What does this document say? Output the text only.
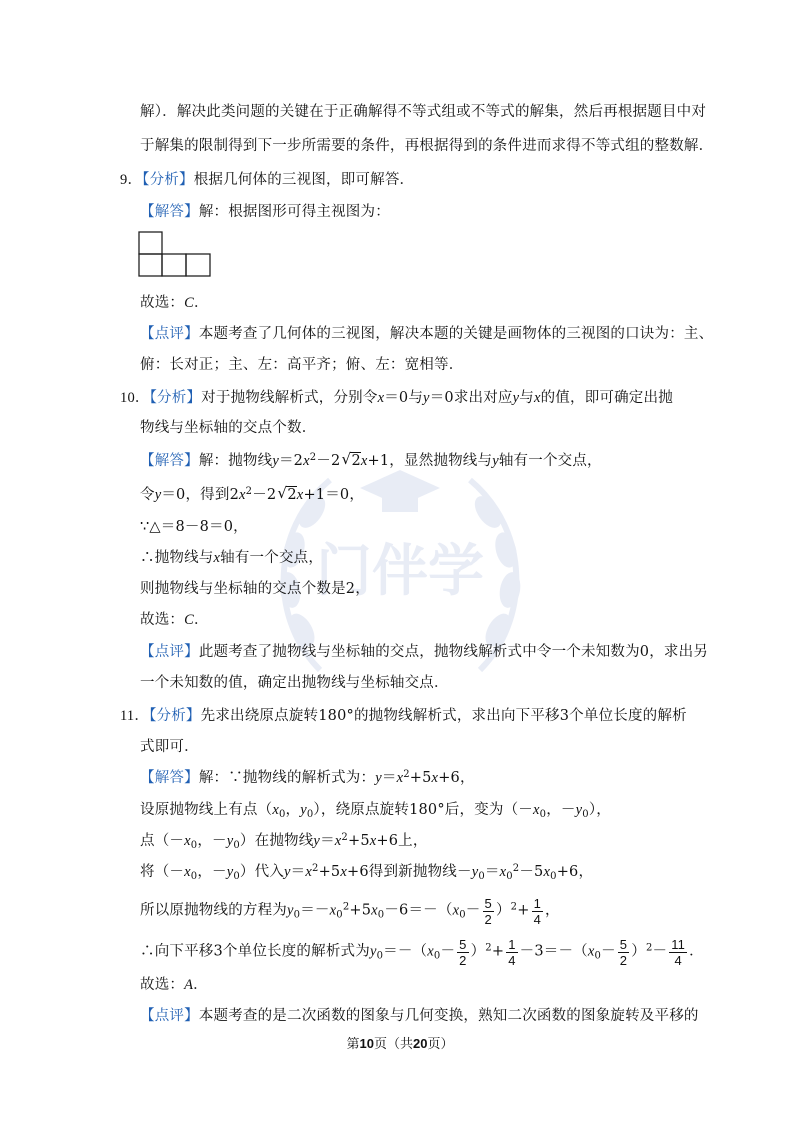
门伴学
解）．解决此类问题的关键在于正确解得不等式组或不等式的解集，然后再根据题目中对
于解集的限制得到下一步所需要的条件，再根据得到的条件进而求得不等式组的整数解．
9．【分析】根据几何体的三视图，即可解答．
【解答】解：根据图形可得主视图为：
故选：C．
【点评】本题考查了几何体的三视图，解决本题的关键是画物体的三视图的口诀为：主、
俯：长对正；主、左：高平齐；俯、左：宽相等．
10．【分析】对于抛物线解析式，分别令x＝0与y＝0求出对应y与x的值，即可确定出抛
物线与坐标轴的交点个数．
【解答】解：抛物线$y=2x^2-2√$ 2x+1，显然抛物线与y轴有一个交点，
令y＝0，得到$2x^2-2√$ 2x+1＝0，
∵△＝8－8＝0，
∴抛物线与x轴有一个交点，
则抛物线与坐标轴的交点个数是2，
故选：C．
【点评】此题考查了抛物线与坐标轴的交点，抛物线解析式中令一个未知数为0，求出另
一个未知数的值，确定出抛物线与坐标轴交点．
11．【分析】先求出绕原点旋转180°的抛物线解析式，求出向下平移3个单位长度的解析
式即可．
【解答】解：∵抛物线的解析式为：$y=x^2+5x+6$，
设原抛物线上有点（$x_0$，$y_0$），绕原点旋转180°后，变为（$-x_0$，$-y_0$），
点（$-x_0$，$-y_0$）在抛物线$y=x^2+5x+6$上，
将（$-x_0$，$-y_0$）代入$y=x^2+5x+6$得到新抛物线$-y_0=x_0^2-5x_0+6$，
所以原抛物线的方程为$y_0=-x_0^2+5x_0-6=-(x_0- \frac{5}{2} )^2+ \frac{1}{4}$ ，
∴向下平移3个单位长度的解析式为$y_0=-(x_0- \frac{5}{2} )^2+ \frac{1}{4} -3=-(x_0- \frac{5}{2} )^2- \frac{11}{4}$ ．
故选：A．
【点评】本题考查的是二次函数的图象与几何变换，熟知二次函数的图象旋转及平移的
第10页（共20页）
